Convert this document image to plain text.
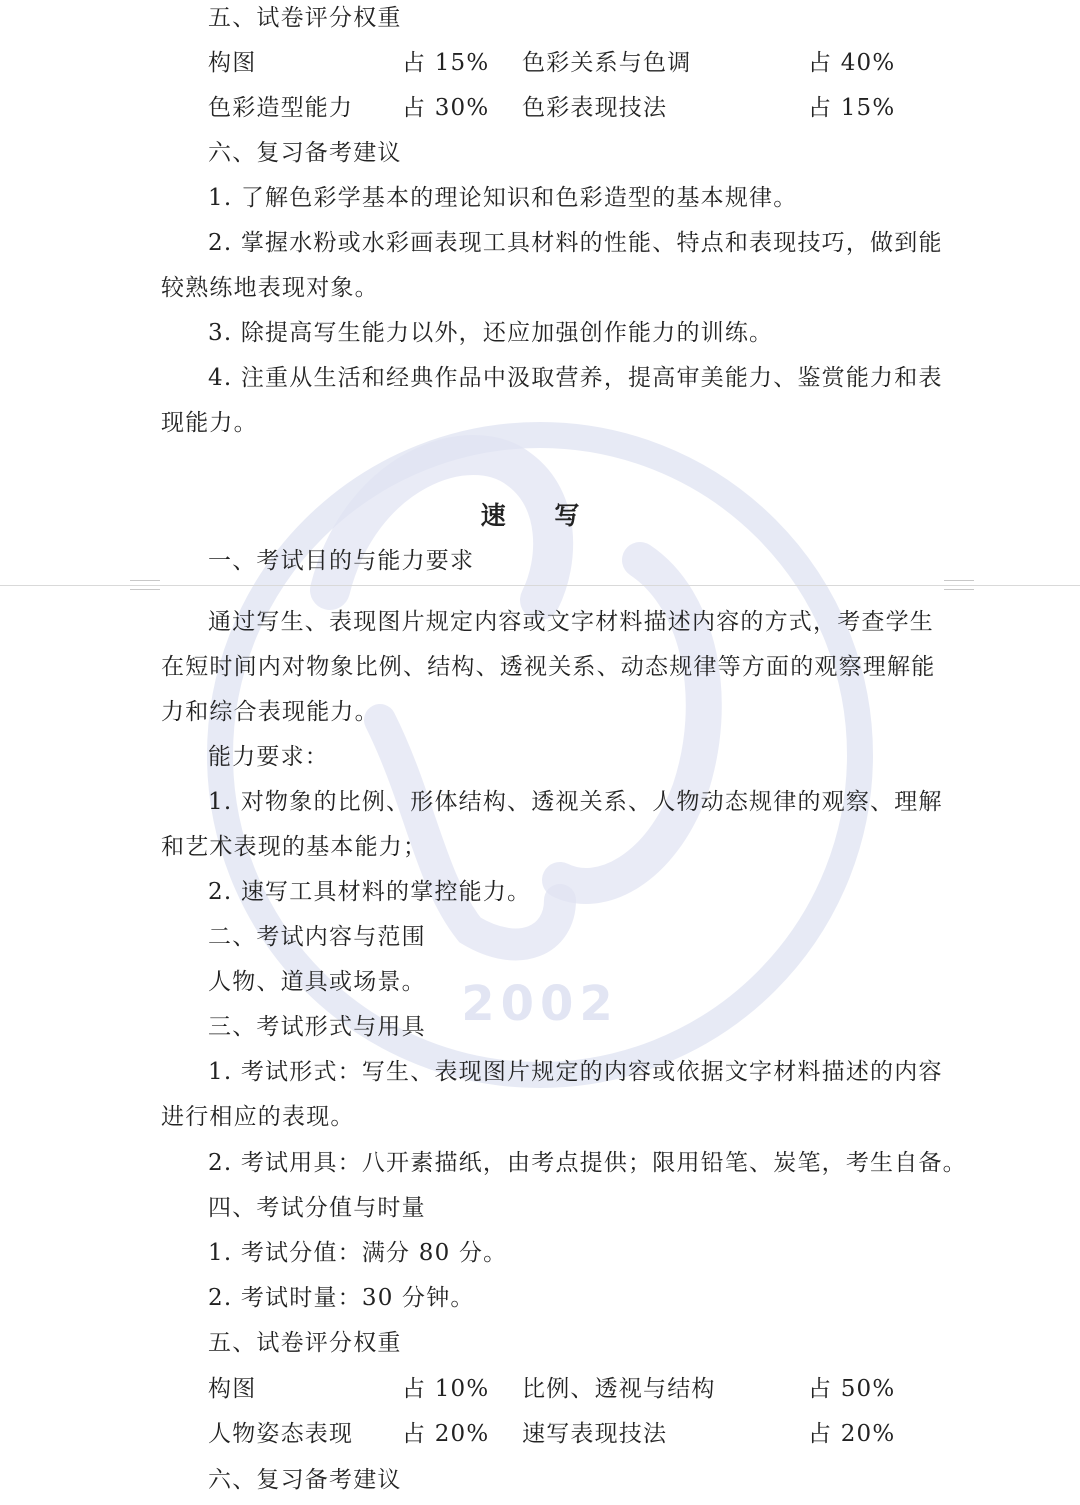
2002
五、试卷评分权重
构图	占 15% 色彩关系与色调	占 40%
色彩造型能力 占 30% 色彩表现技法	占 15%
六、复习备考建议
1. 了解色彩学基本的理论知识和色彩造型的基本规律。
2. 掌握水粉或水彩画表现工具材料的性能、特点和表现技巧，做到能
较熟练地表现对象。
3. 除提高写生能力以外，还应加强创作能力的训练。
4. 注重从生活和经典作品中汲取营养，提高审美能力、鉴赏能力和表
现能力。
速 写
一、考试目的与能力要求
通过写生、表现图片规定内容或文字材料描述内容的方式，考查学生
在短时间内对物象比例、结构、透视关系、动态规律等方面的观察理解能
力和综合表现能力。
能力要求：
1. 对物象的比例、形体结构、透视关系、人物动态规律的观察、理解
和艺术表现的基本能力；
2. 速写工具材料的掌控能力。
二、考试内容与范围
人物、道具或场景。
三、考试形式与用具
1. 考试形式：写生、表现图片规定的内容或依据文字材料描述的内容
进行相应的表现。
2. 考试用具：八开素描纸，由考点提供；限用铅笔、炭笔，考生自备。
四、考试分值与时量
1. 考试分值：满分 80 分。
2. 考试时量：30 分钟。
五、试卷评分权重
构图	占 10% 比例、透视与结构	占 50%
人物姿态表现 占 20% 速写表现技法	占 20%
六、复习备考建议
